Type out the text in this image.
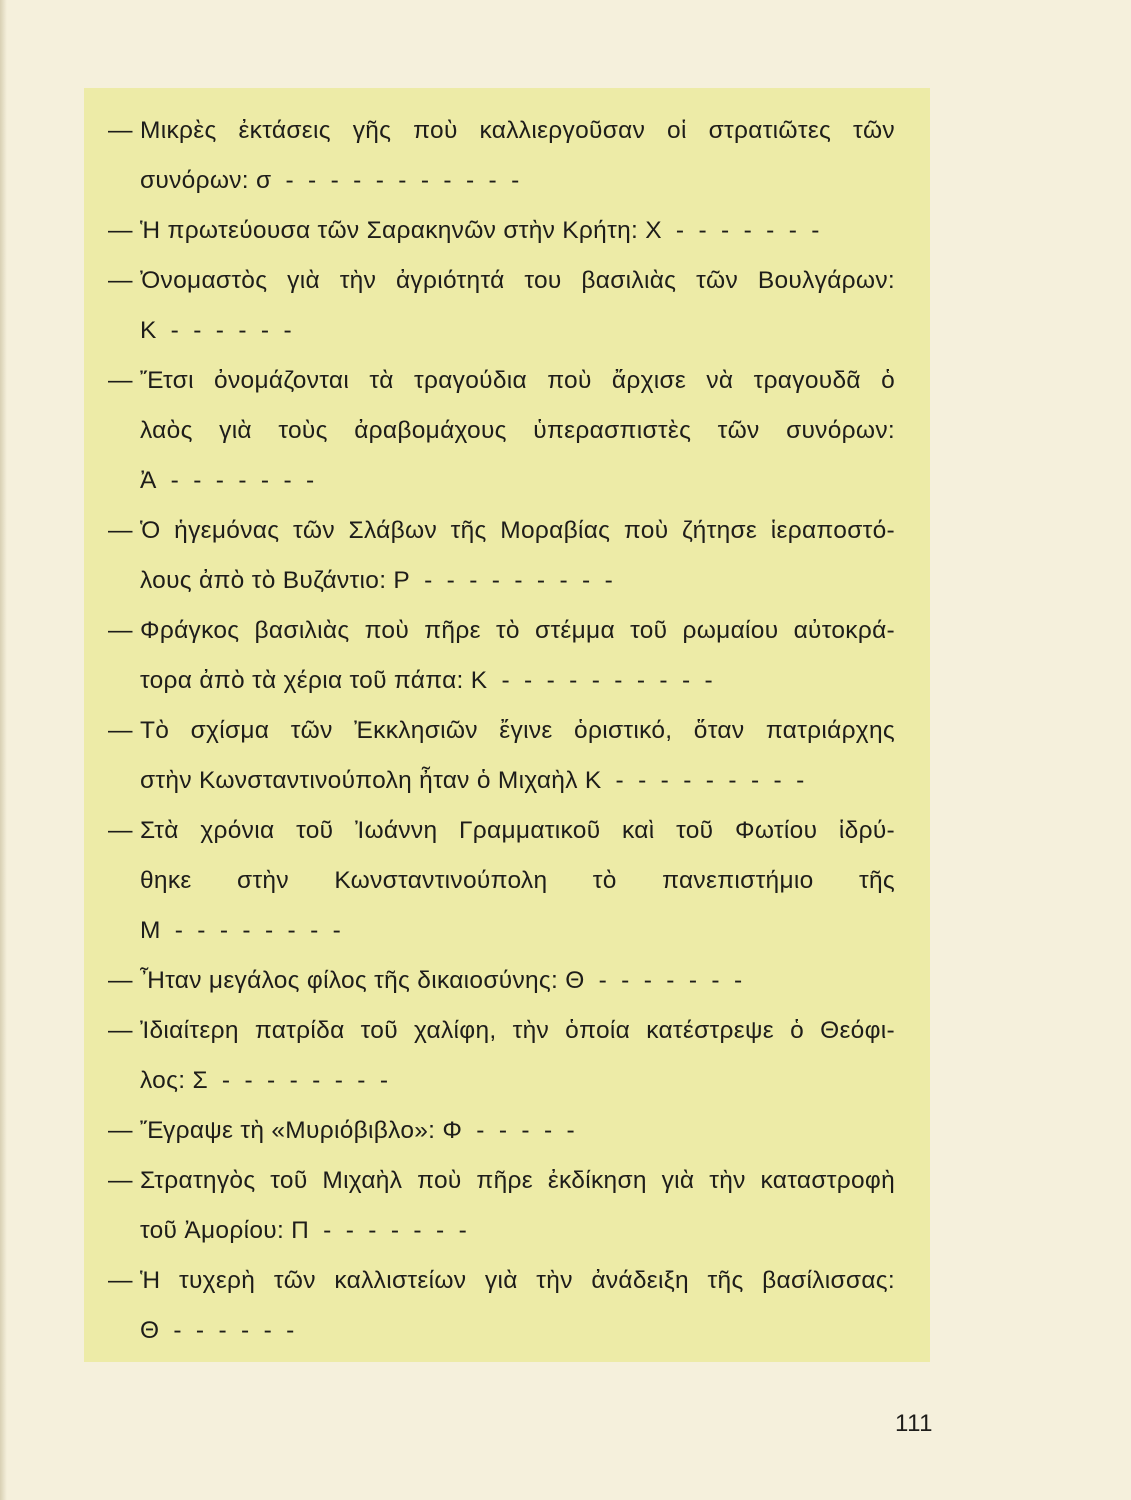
— Μικρὲς ἐκτάσεις γῆς ποὺ καλλιεργοῦσαν οἱ στρατιῶτες τῶν
συνόρων: σ - - - - - - - - - - -
— Ἡ πρωτεύουσα τῶν Σαρακηνῶν στὴν Κρήτη: Χ - - - - - - -
— Ὀνομαστὸς γιὰ τὴν ἀγριότητά του βασιλιὰς τῶν Βουλγάρων:
Κ - - - - - -
— Ἔτσι ὀνομάζονται τὰ τραγούδια ποὺ ἄρχισε νὰ τραγουδᾶ ὁ
λαὸς γιὰ τοὺς ἀραβομάχους ὑπερασπιστὲς τῶν συνόρων:
Ἀ - - - - - - -
— Ὁ ἡγεμόνας τῶν Σλάβων τῆς Μοραβίας ποὺ ζήτησε ἱεραποστό-
λους ἀπὸ τὸ Βυζάντιο: Ρ - - - - - - - - -
— Φράγκος βασιλιὰς ποὺ πῆρε τὸ στέμμα τοῦ ρωμαίου αὐτοκρά-
τορα ἀπὸ τὰ χέρια τοῦ πάπα: Κ - - - - - - - - - -
— Τὸ σχίσμα τῶν Ἐκκλησιῶν ἔγινε ὁριστικό, ὅταν πατριάρχης
στὴν Κωνσταντινούπολη ἦταν ὁ Μιχαὴλ Κ - - - - - - - - -
— Στὰ χρόνια τοῦ Ἰωάννη Γραμματικοῦ καὶ τοῦ Φωτίου ἱδρύ-
θηκε στὴν Κωνσταντινούπολη τὸ πανεπιστήμιο τῆς
Μ - - - - - - - -
— Ἦταν μεγάλος φίλος τῆς δικαιοσύνης: Θ - - - - - - -
— Ἰδιαίτερη πατρίδα τοῦ χαλίφη, τὴν ὁποία κατέστρεψε ὁ Θεόφι-
λος: Σ - - - - - - - -
— Ἔγραψε τὴ «Μυριόβιβλο»: Φ - - - - -
— Στρατηγὸς τοῦ Μιχαὴλ ποὺ πῆρε ἐκδίκηση γιὰ τὴν καταστροφὴ
τοῦ Ἀμορίου: Π - - - - - - -
— Ἡ τυχερὴ τῶν καλλιστείων γιὰ τὴν ἀνάδειξη τῆς βασίλισσας:
Θ - - - - - -
111
